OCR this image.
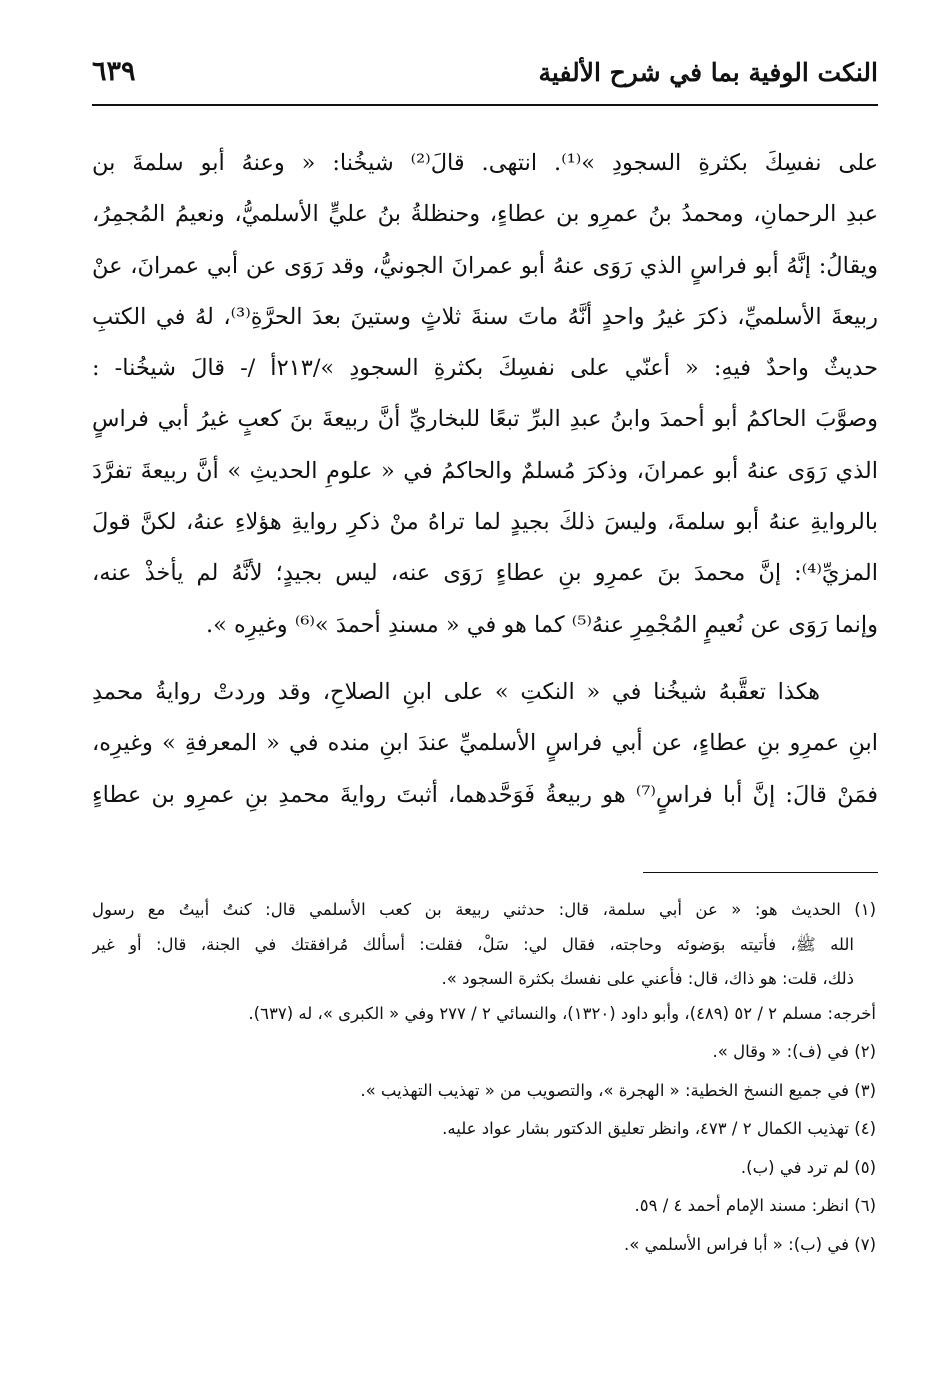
النكت الوفية بما في شرح الألفية
٦٣٩
على نفسِكَ بكثرةِ السجودِ »⁽¹⁾. انتهى. قالَ⁽²⁾ شيخُنا: « وعنهُ أبو سلمةَ بن
عبدِ الرحمانِ، ومحمدُ بنُ عمرِو بن عطاءٍ، وحنظلةُ بنُ عليٍّ الأسلميُّ، ونعيمُ المُجمِرُ،
ويقالُ: إنَّهُ أبو فراسٍ الذي رَوَى عنهُ أبو عمرانَ الجونيُّ، وقد رَوَى عن أبي عمرانَ، عنْ
ربيعةَ الأسلميِّ، ذكرَ غيرُ واحدٍ أنَّهُ ماتَ سنةَ ثلاثٍ وستينَ بعدَ الحرَّةِ⁽³⁾، لهُ في الكتبِ
حديثٌ واحدٌ فيهِ: « أعنّي على نفسِكَ بكثرةِ السجودِ »/٢١٣أ /- قالَ شيخُنا- :
وصوَّبَ الحاكمُ أبو أحمدَ وابنُ عبدِ البرِّ تبعًا للبخاريِّ أنَّ ربيعةَ بنَ كعبٍ غيرُ أبي فراسٍ
الذي رَوَى عنهُ أبو عمرانَ، وذكرَ مُسلمٌ والحاكمُ في « علومِ الحديثِ » أنَّ ربيعةَ تفرَّدَ
بالروايةِ عنهُ أبو سلمةَ، وليسَ ذلكَ بجيدٍ لما تراهُ منْ ذكرِ روايةِ هؤلاءِ عنهُ، لكنَّ قولَ
المزيِّ⁽⁴⁾: إنَّ محمدَ بنَ عمرِو بنِ عطاءٍ رَوَى عنه، ليس بجيدٍ؛ لأنَّهُ لم يأخذْ عنه،
وإنما رَوَى عن نُعيمٍ المُجْمِرِ عنهُ⁽⁵⁾ كما هو في « مسندِ أحمدَ »⁽⁶⁾ وغيرِه ».
هكذا تعقَّبهُ شيخُنا في « النكتِ » على ابنِ الصلاحِ، وقد وردتْ روايةُ محمدِ
ابنِ عمرِو بنِ عطاءٍ، عن أبي فراسٍ الأسلميِّ عندَ ابنِ منده في « المعرفةِ » وغيرِه،
فمَنْ قالَ: إنَّ أبا فراسٍ⁽⁷⁾ هو ربيعةُ فَوَحَّدهما، أثبتَ روايةَ محمدِ بنِ عمرِو بن عطاءٍ
(١) الحديث هو: « عن أبي سلمة، قال: حدثني ربيعة بن كعب الأسلمي قال: كنتُ أبيتُ مع رسول
الله ﷺ، فأتيته بوَضوئه وحاجته، فقال لي: سَلْ، فقلت: أسألك مُرافقتك في الجنة، قال: أو غير
ذلك، قلت: هو ذاك، قال: فأعني على نفسك بكثرة السجود ».
أخرجه: مسلم ٢ / ٥٢ (٤٨٩)، وأبو داود (١٣٢٠)، والنسائي ٢ / ٢٧٧ وفي « الكبرى »، له (٦٣٧).
(٢) في (ف): « وقال ».
(٣) في جميع النسخ الخطية: « الهجرة »، والتصويب من « تهذيب التهذيب ».
(٤) تهذيب الكمال ٢ / ٤٧٣، وانظر تعليق الدكتور بشار عواد عليه.
(٥) لم ترد في (ب).
(٦) انظر: مسند الإمام أحمد ٤ / ٥٩.
(٧) في (ب): « أبا فراس الأسلمي ».
